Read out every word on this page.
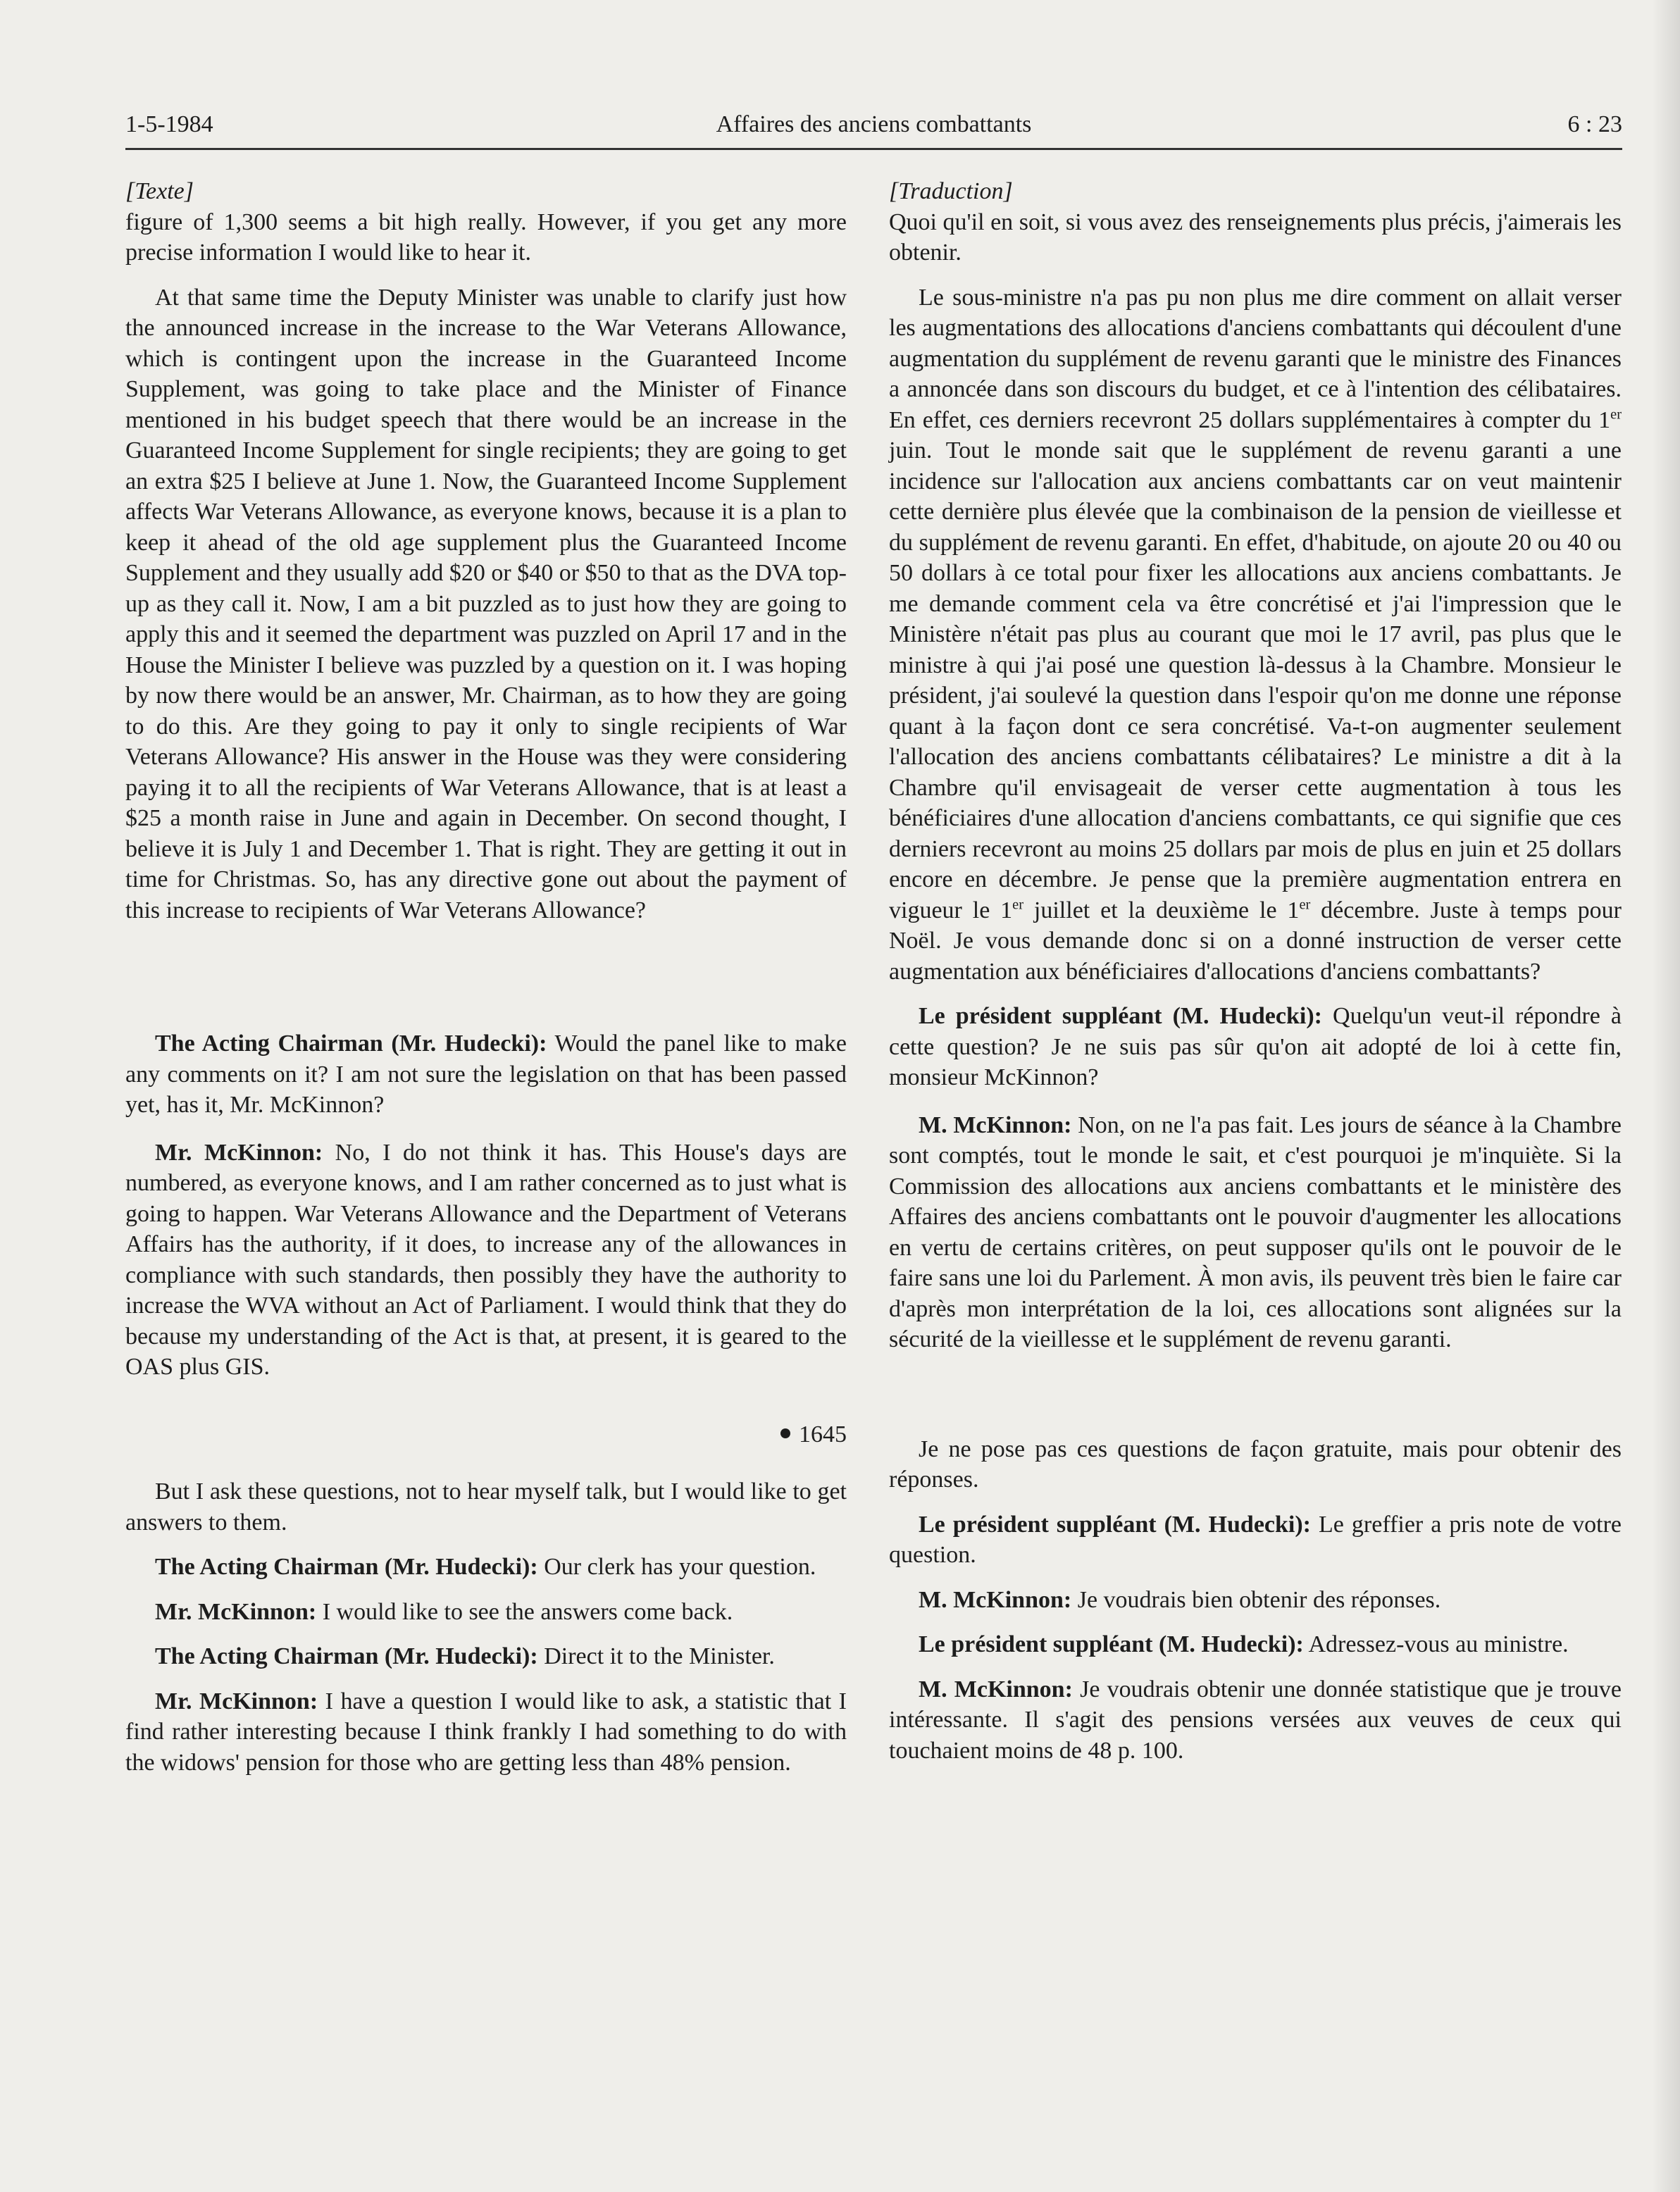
1-5-1984	Affaires des anciens combattants	6 : 23

[Texte]

figure of 1,300 seems a bit high really. However, if you get any more precise information I would like to hear it.

At that same time the Deputy Minister was unable to clarify just how the announced increase in the increase to the War Veterans Allowance, which is contingent upon the increase in the Guaranteed Income Supplement, was going to take place and the Minister of Finance mentioned in his budget speech that there would be an increase in the Guaranteed Income Supplement for single recipients; they are going to get an extra $25 I believe at June 1. Now, the Guaranteed Income Supplement affects War Veterans Allowance, as everyone knows, because it is a plan to keep it ahead of the old age supplement plus the Guaranteed Income Supplement and they usually add $20 or $40 or $50 to that as the DVA top-up as they call it. Now, I am a bit puzzled as to just how they are going to apply this and it seemed the department was puzzled on April 17 and in the House the Minister I believe was puzzled by a question on it. I was hoping by now there would be an answer, Mr. Chairman, as to how they are going to do this. Are they going to pay it only to single recipients of War Veterans Allowance? His answer in the House was they were considering paying it to all the recipients of War Veterans Allowance, that is at least a $25 a month raise in June and again in December. On second thought, I believe it is July 1 and December 1. That is right. They are getting it out in time for Christmas. So, has any directive gone out about the payment of this increase to recipients of War Veterans Allowance?

The Acting Chairman (Mr. Hudecki): Would the panel like to make any comments on it? I am not sure the legislation on that has been passed yet, has it, Mr. McKinnon?

Mr. McKinnon: No, I do not think it has. This House's days are numbered, as everyone knows, and I am rather concerned as to just what is going to happen. War Veterans Allowance and the Department of Veterans Affairs has the authority, if it does, to increase any of the allowances in compliance with such standards, then possibly they have the authority to increase the WVA without an Act of Parliament. I would think that they do because my understanding of the Act is that, at present, it is geared to the OAS plus GIS.

1645

But I ask these questions, not to hear myself talk, but I would like to get answers to them.

The Acting Chairman (Mr. Hudecki): Our clerk has your question.

Mr. McKinnon: I would like to see the answers come back.

The Acting Chairman (Mr. Hudecki): Direct it to the Minister.

Mr. McKinnon: I have a question I would like to ask, a statistic that I find rather interesting because I think frankly I had something to do with the widows' pension for those who are getting less than 48% pension.

[Traduction]

Quoi qu'il en soit, si vous avez des renseignements plus précis, j'aimerais les obtenir.

Le sous-ministre n'a pas pu non plus me dire comment on allait verser les augmentations des allocations d'anciens combattants qui découlent d'une augmentation du supplément de revenu garanti que le ministre des Finances a annoncée dans son discours du budget, et ce à l'intention des célibataires. En effet, ces derniers recevront 25 dollars supplémentaires à compter du 1er juin. Tout le monde sait que le supplément de revenu garanti a une incidence sur l'allocation aux anciens combattants car on veut maintenir cette dernière plus élevée que la combinaison de la pension de vieillesse et du supplément de revenu garanti. En effet, d'habitude, on ajoute 20 ou 40 ou 50 dollars à ce total pour fixer les allocations aux anciens combattants. Je me demande comment cela va être concrétisé et j'ai l'impression que le Ministère n'était pas plus au courant que moi le 17 avril, pas plus que le ministre à qui j'ai posé une question là-dessus à la Chambre. Monsieur le président, j'ai soulevé la question dans l'espoir qu'on me donne une réponse quant à la façon dont ce sera concrétisé. Va-t-on augmenter seulement l'allocation des anciens combattants célibataires? Le ministre a dit à la Chambre qu'il envisageait de verser cette augmentation à tous les bénéficiaires d'une allocation d'anciens combattants, ce qui signifie que ces derniers recevront au moins 25 dollars par mois de plus en juin et 25 dollars encore en décembre. Je pense que la première augmentation entrera en vigueur le 1er juillet et la deuxième le 1er décembre. Juste à temps pour Noël. Je vous demande donc si on a donné instruction de verser cette augmentation aux bénéficiaires d'allocations d'anciens combattants?

Le président suppléant (M. Hudecki): Quelqu'un veut-il répondre à cette question? Je ne suis pas sûr qu'on ait adopté de loi à cette fin, monsieur McKinnon?

M. McKinnon: Non, on ne l'a pas fait. Les jours de séance à la Chambre sont comptés, tout le monde le sait, et c'est pourquoi je m'inquiète. Si la Commission des allocations aux anciens combattants et le ministère des Affaires des anciens combattants ont le pouvoir d'augmenter les allocations en vertu de certains critères, on peut supposer qu'ils ont le pouvoir de le faire sans une loi du Parlement. À mon avis, ils peuvent très bien le faire car d'après mon interprétation de la loi, ces allocations sont alignées sur la sécurité de la vieillesse et le supplément de revenu garanti.

Je ne pose pas ces questions de façon gratuite, mais pour obtenir des réponses.

Le président suppléant (M. Hudecki): Le greffier a pris note de votre question.

M. McKinnon: Je voudrais bien obtenir des réponses.

Le président suppléant (M. Hudecki): Adressez-vous au ministre.

M. McKinnon: Je voudrais obtenir une donnée statistique que je trouve intéressante. Il s'agit des pensions versées aux veuves de ceux qui touchaient moins de 48 p. 100.
